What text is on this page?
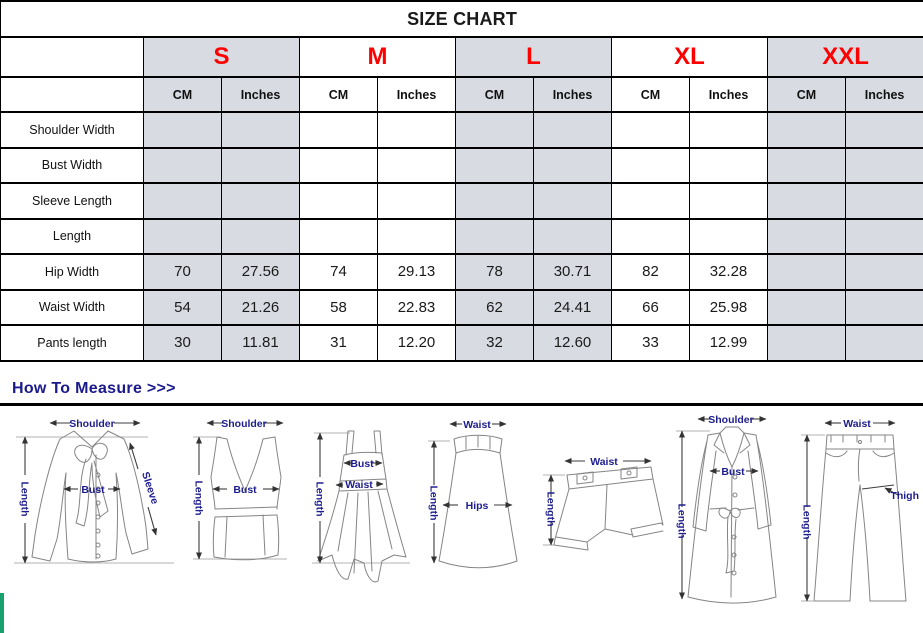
SIZE CHART										
	S		M		L		XL		XXL	
	CM	Inches	CM	Inches	CM	Inches	CM	Inches	CM	Inches
Shoulder Width										
Bust Width										
Sleeve Length										
Length										
Hip Width	70	27.56	74	29.13	78	30.71	82	32.28		
Waist Width	54	21.26	58	22.83	62	24.41	66	25.98		
Pants length	30	11.81	31	12.20	32	12.60	33	12.99		
How To Measure >>>
Shoulder
Length	Bust	Sleeve
Shoulder
Length	Bust	Length
Bust
Waist
Waist
Length Hips
Waist
Length
Shoulder
Length
Bust
Waist
Length
Thigh
